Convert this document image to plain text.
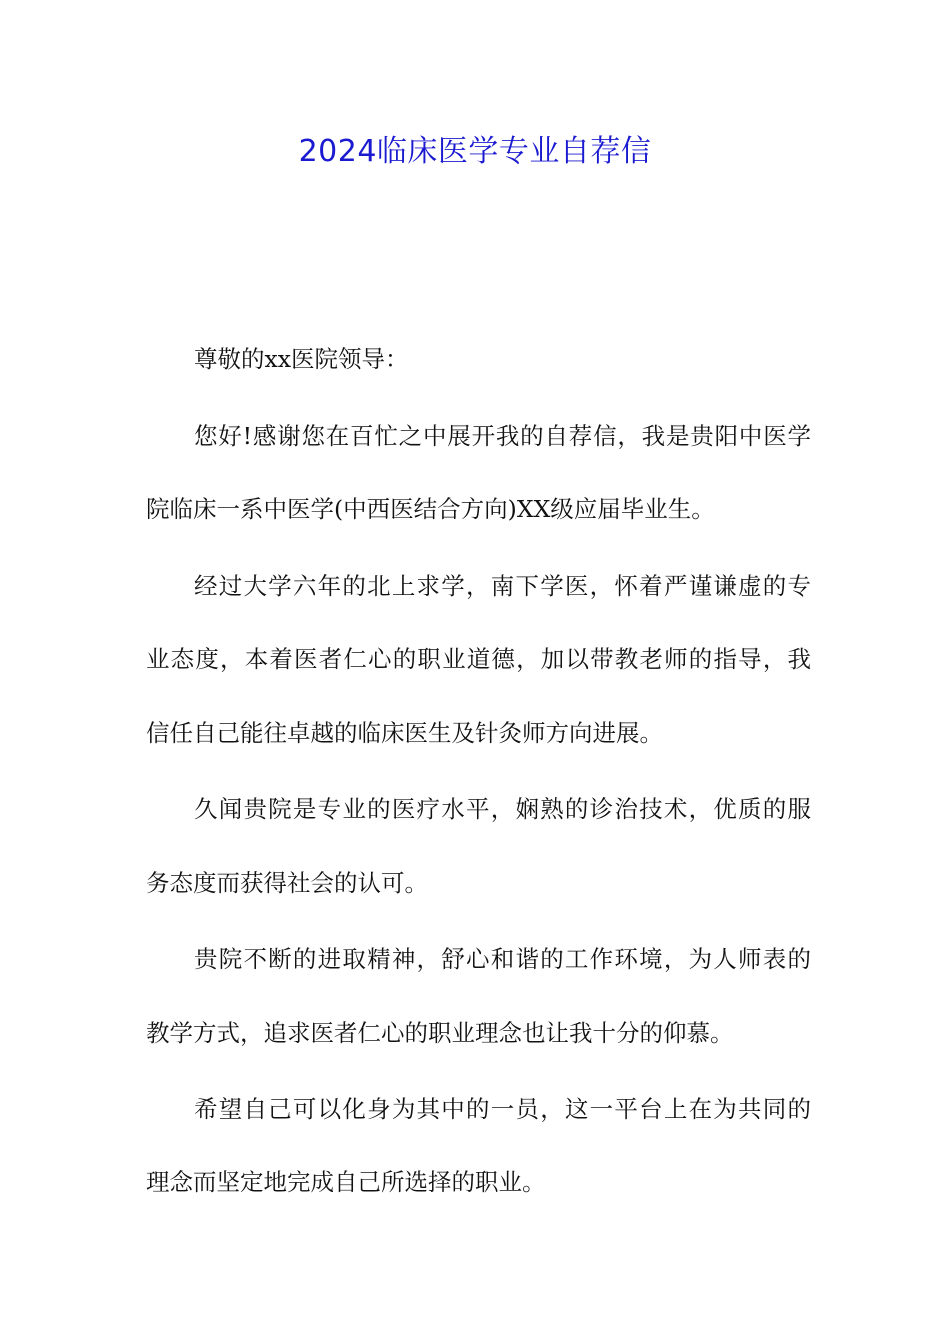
2024临床医学专业自荐信
尊敬的xx医院领导：
您好!感谢您在百忙之中展开我的自荐信，我是贵阳中医学
院临床一系中医学(中西医结合方向)XX级应届毕业生。
经过大学六年的北上求学，南下学医，怀着严谨谦虚的专
业态度，本着医者仁心的职业道德，加以带教老师的指导，我
信任自己能往卓越的临床医生及针灸师方向进展。
久闻贵院是专业的医疗水平，娴熟的诊治技术，优质的服
务态度而获得社会的认可。
贵院不断的进取精神，舒心和谐的工作环境，为人师表的
教学方式，追求医者仁心的职业理念也让我十分的仰慕。
希望自己可以化身为其中的一员，这一平台上在为共同的
理念而坚定地完成自己所选择的职业。
